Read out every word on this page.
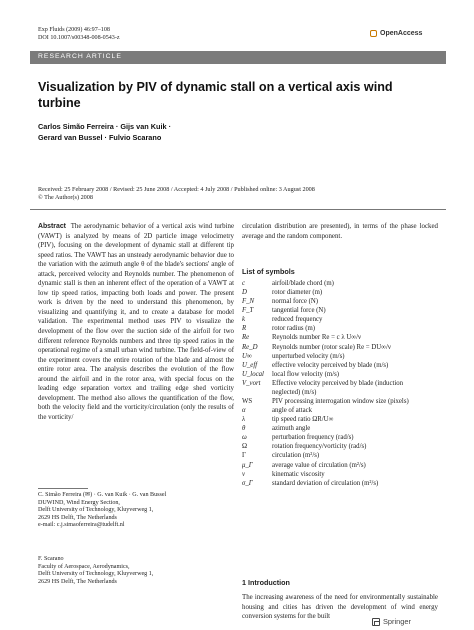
Exp Fluids (2009) 46:97–108
DOI 10.1007/s00348-008-0543-z
OpenAccess
RESEARCH ARTICLE
Visualization by PIV of dynamic stall on a vertical axis wind turbine
Carlos Simão Ferreira · Gijs van Kuik ·
Gerard van Bussel · Fulvio Scarano
Received: 25 February 2008 / Revised: 25 June 2008 / Accepted: 4 July 2008 / Published online: 3 August 2008
© The Author(s) 2008
Abstract The aerodynamic behavior of a vertical axis wind turbine (VAWT) is analyzed by means of 2D particle image velocimetry (PIV), focusing on the development of dynamic stall at different tip speed ratios. The VAWT has an unsteady aerodynamic behavior due to the variation with the azimuth angle θ of the blade's sections' angle of attack, perceived velocity and Reynolds number. The phenomenon of dynamic stall is then an inherent effect of the operation of a VAWT at low tip speed ratios, impacting both loads and power. The present work is driven by the need to understand this phenomenon, by visualizing and quantifying it, and to create a database for model validation. The experimental method uses PIV to visualize the development of the flow over the suction side of the airfoil for two different reference Reynolds numbers and three tip speed ratios in the operational regime of a small urban wind turbine. The field-of-view of the experiment covers the entire rotation of the blade and almost the entire rotor area. The analysis describes the evolution of the flow around the airfoil and in the rotor area, with special focus on the leading edge separation vortex and trailing edge shed vorticity development. The method also allows the quantification of the flow, both the velocity field and the vorticity/circulation (only the results of the vorticity/
C. Simão Ferreira (✉) · G. van Kuik · G. van Bussel
DUWIND, Wind Energy Section,
Delft University of Technology, Kluyverweg 1,
2629 HS Delft, The Netherlands
e-mail: c.j.simaoferreira@tudelft.nl
F. Scarano
Faculty of Aerospace, Aerodynamics,
Delft University of Technology, Kluyverweg 1,
2629 HS Delft, The Netherlands
circulation distribution are presented), in terms of the phase locked average and the random component.
List of symbols
c	airfoil/blade chord (m)
D	rotor diameter (m)
F_N	normal force (N)
F_T	tangential force (N)
k	reduced frequency
R	rotor radius (m)
Re	Reynolds number Re = c λ U∞/ν
Re_D	Reynolds number (rotor scale) Re = DU∞/ν
U∞	unperturbed velocity (m/s)
U_eff	effective velocity perceived by blade (m/s)
U_local	local flow velocity (m/s)
V_vort	Effective velocity perceived by blade (induction
neglected) (m/s)
WS	PIV processing interrogation window size (pixels)
α	angle of attack
λ	tip speed ratio ΩR/U∞
θ	azimuth angle
ω	perturbation frequency (rad/s)
Ω	rotation frequency/vorticity (rad/s)
Γ	circulation (m²/s)
μ_Γ	average value of circulation (m²/s)
ν	kinematic viscosity
σ_Γ	standard deviation of circulation (m²/s)
1 Introduction
The increasing awareness of the need for environmentally sustainable housing and cities has driven the development of wind energy conversion systems for the built
Springer
